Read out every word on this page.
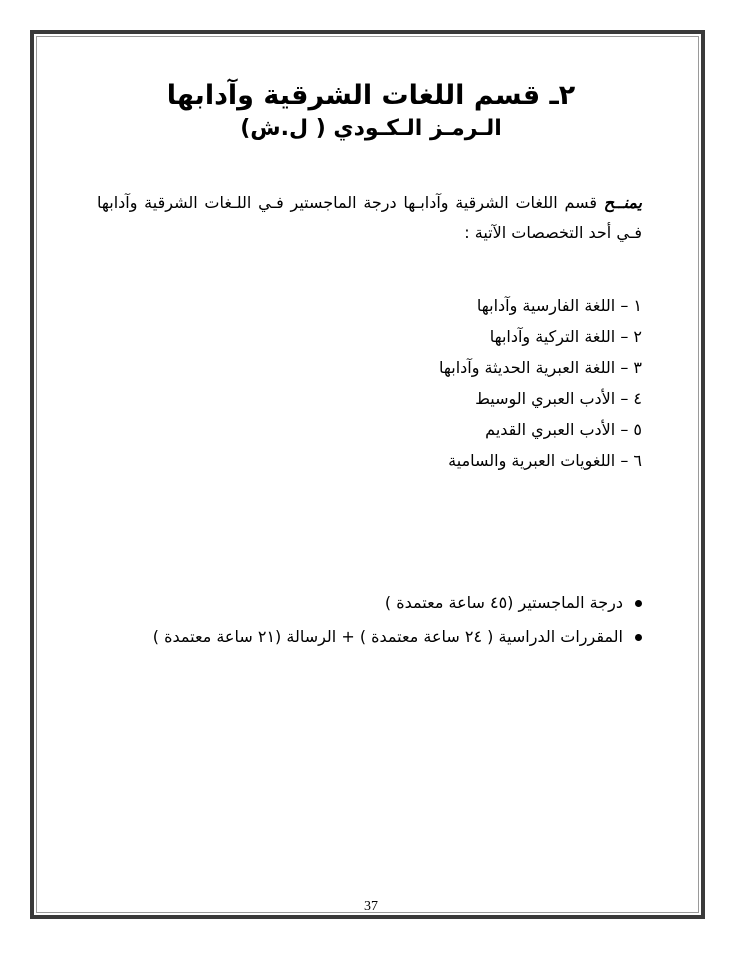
٢ـ قسم اللغات الشرقية وآدابها
الـرمـز الـكـودي ( ل.ش)
يمنــح قسم اللغات الشرقية وآدابـها درجة الماجستير فـي اللـغات الشرقية وآدابها فـي أحد التخصصات الآتية :
١ – اللغة الفارسية وآدابها
٢ – اللغة التركية وآدابها
٣ – اللغة العبرية الحديثة وآدابها
٤ – الأدب العبري الوسيط
٥ – الأدب العبري القديم
٦ – اللغويات العبرية والسامية
درجة الماجستير (٤٥ ساعة معتمدة )
المقررات الدراسية ( ٢٤ ساعة معتمدة ) + الرسالة (٢١ ساعة معتمدة )
37
